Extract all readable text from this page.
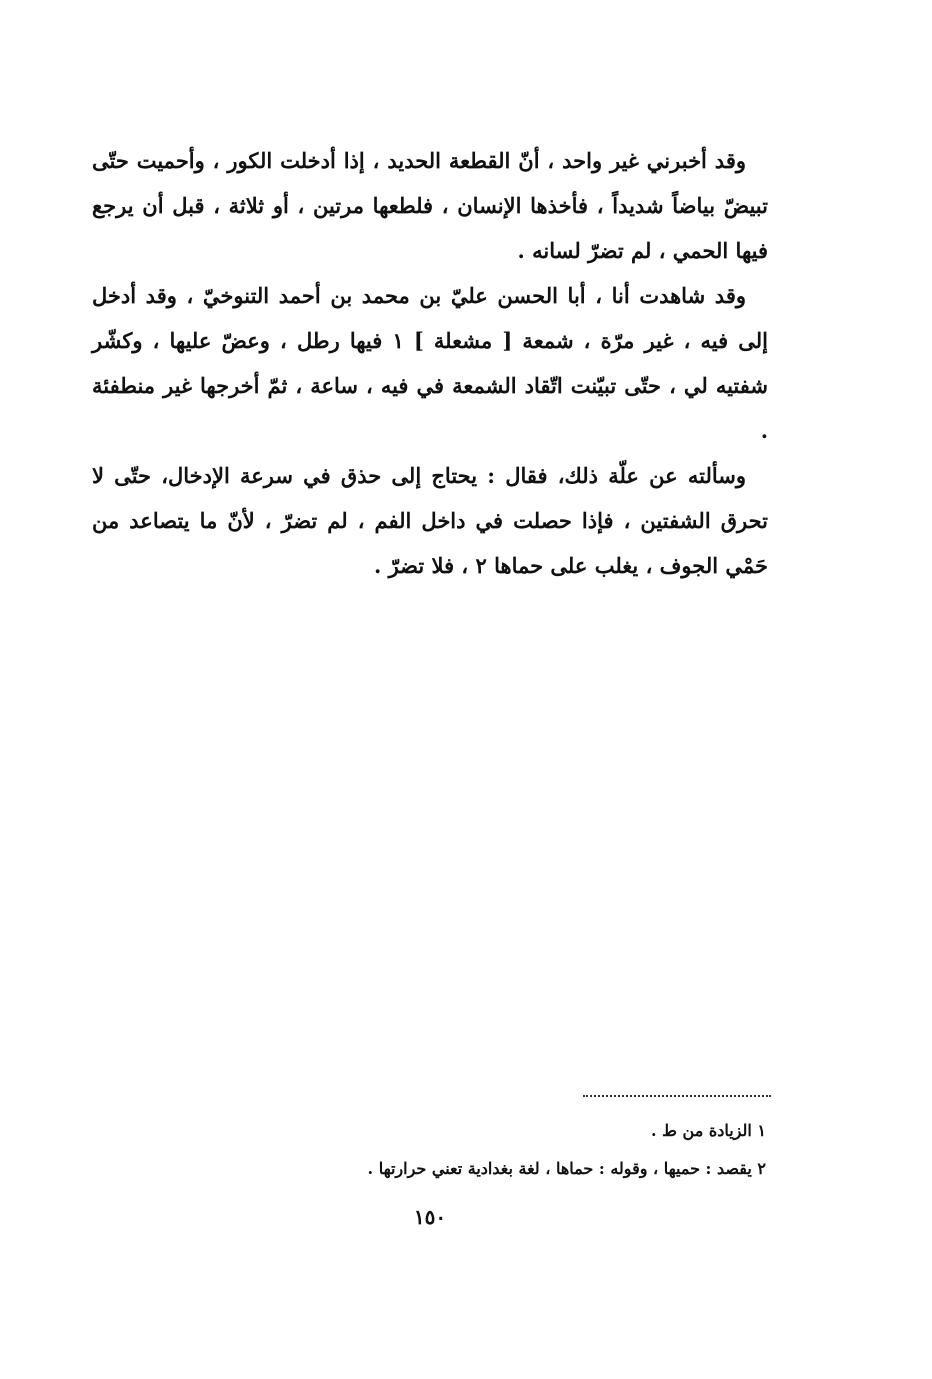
وقد أخبرني غير واحد ، أنّ القطعة الحديد ، إذا أدخلت الكور ، وأحميت حتّى تبيضّ بياضاً شديداً ، فأخذها الإنسان ، فلطعها مرتين ، أو ثلاثة ، قبل أن يرجع فيها الحمي ، لم تضرّ لسانه .

وقد شاهدت أنا ، أبا الحسن عليّ بن محمد بن أحمد التنوخيّ ، وقد أدخل إلى فيه ، غير مرّة ، شمعة [ مشعلة ] ١ فيها رطل ، وعضّ عليها ، وكشّر شفتيه لي ، حتّى تبيّنت اتّقاد الشمعة في فيه ، ساعة ، ثمّ أخرجها غير منطفئة .

وسألته عن علّة ذلك، فقال : يحتاج إلى حذق في سرعة الإدخال، حتّى لا تحرق الشفتين ، فإذا حصلت في داخل الفم ، لم تضرّ ، لأنّ ما يتصاعد من حَمْي الجوف ، يغلب على حماها ٢ ، فلا تضرّ .

١ الزيادة من ط .

٢ يقصد : حميها ، وقوله : حماها ، لغة بغدادية تعني حرارتها .

١٥٠
